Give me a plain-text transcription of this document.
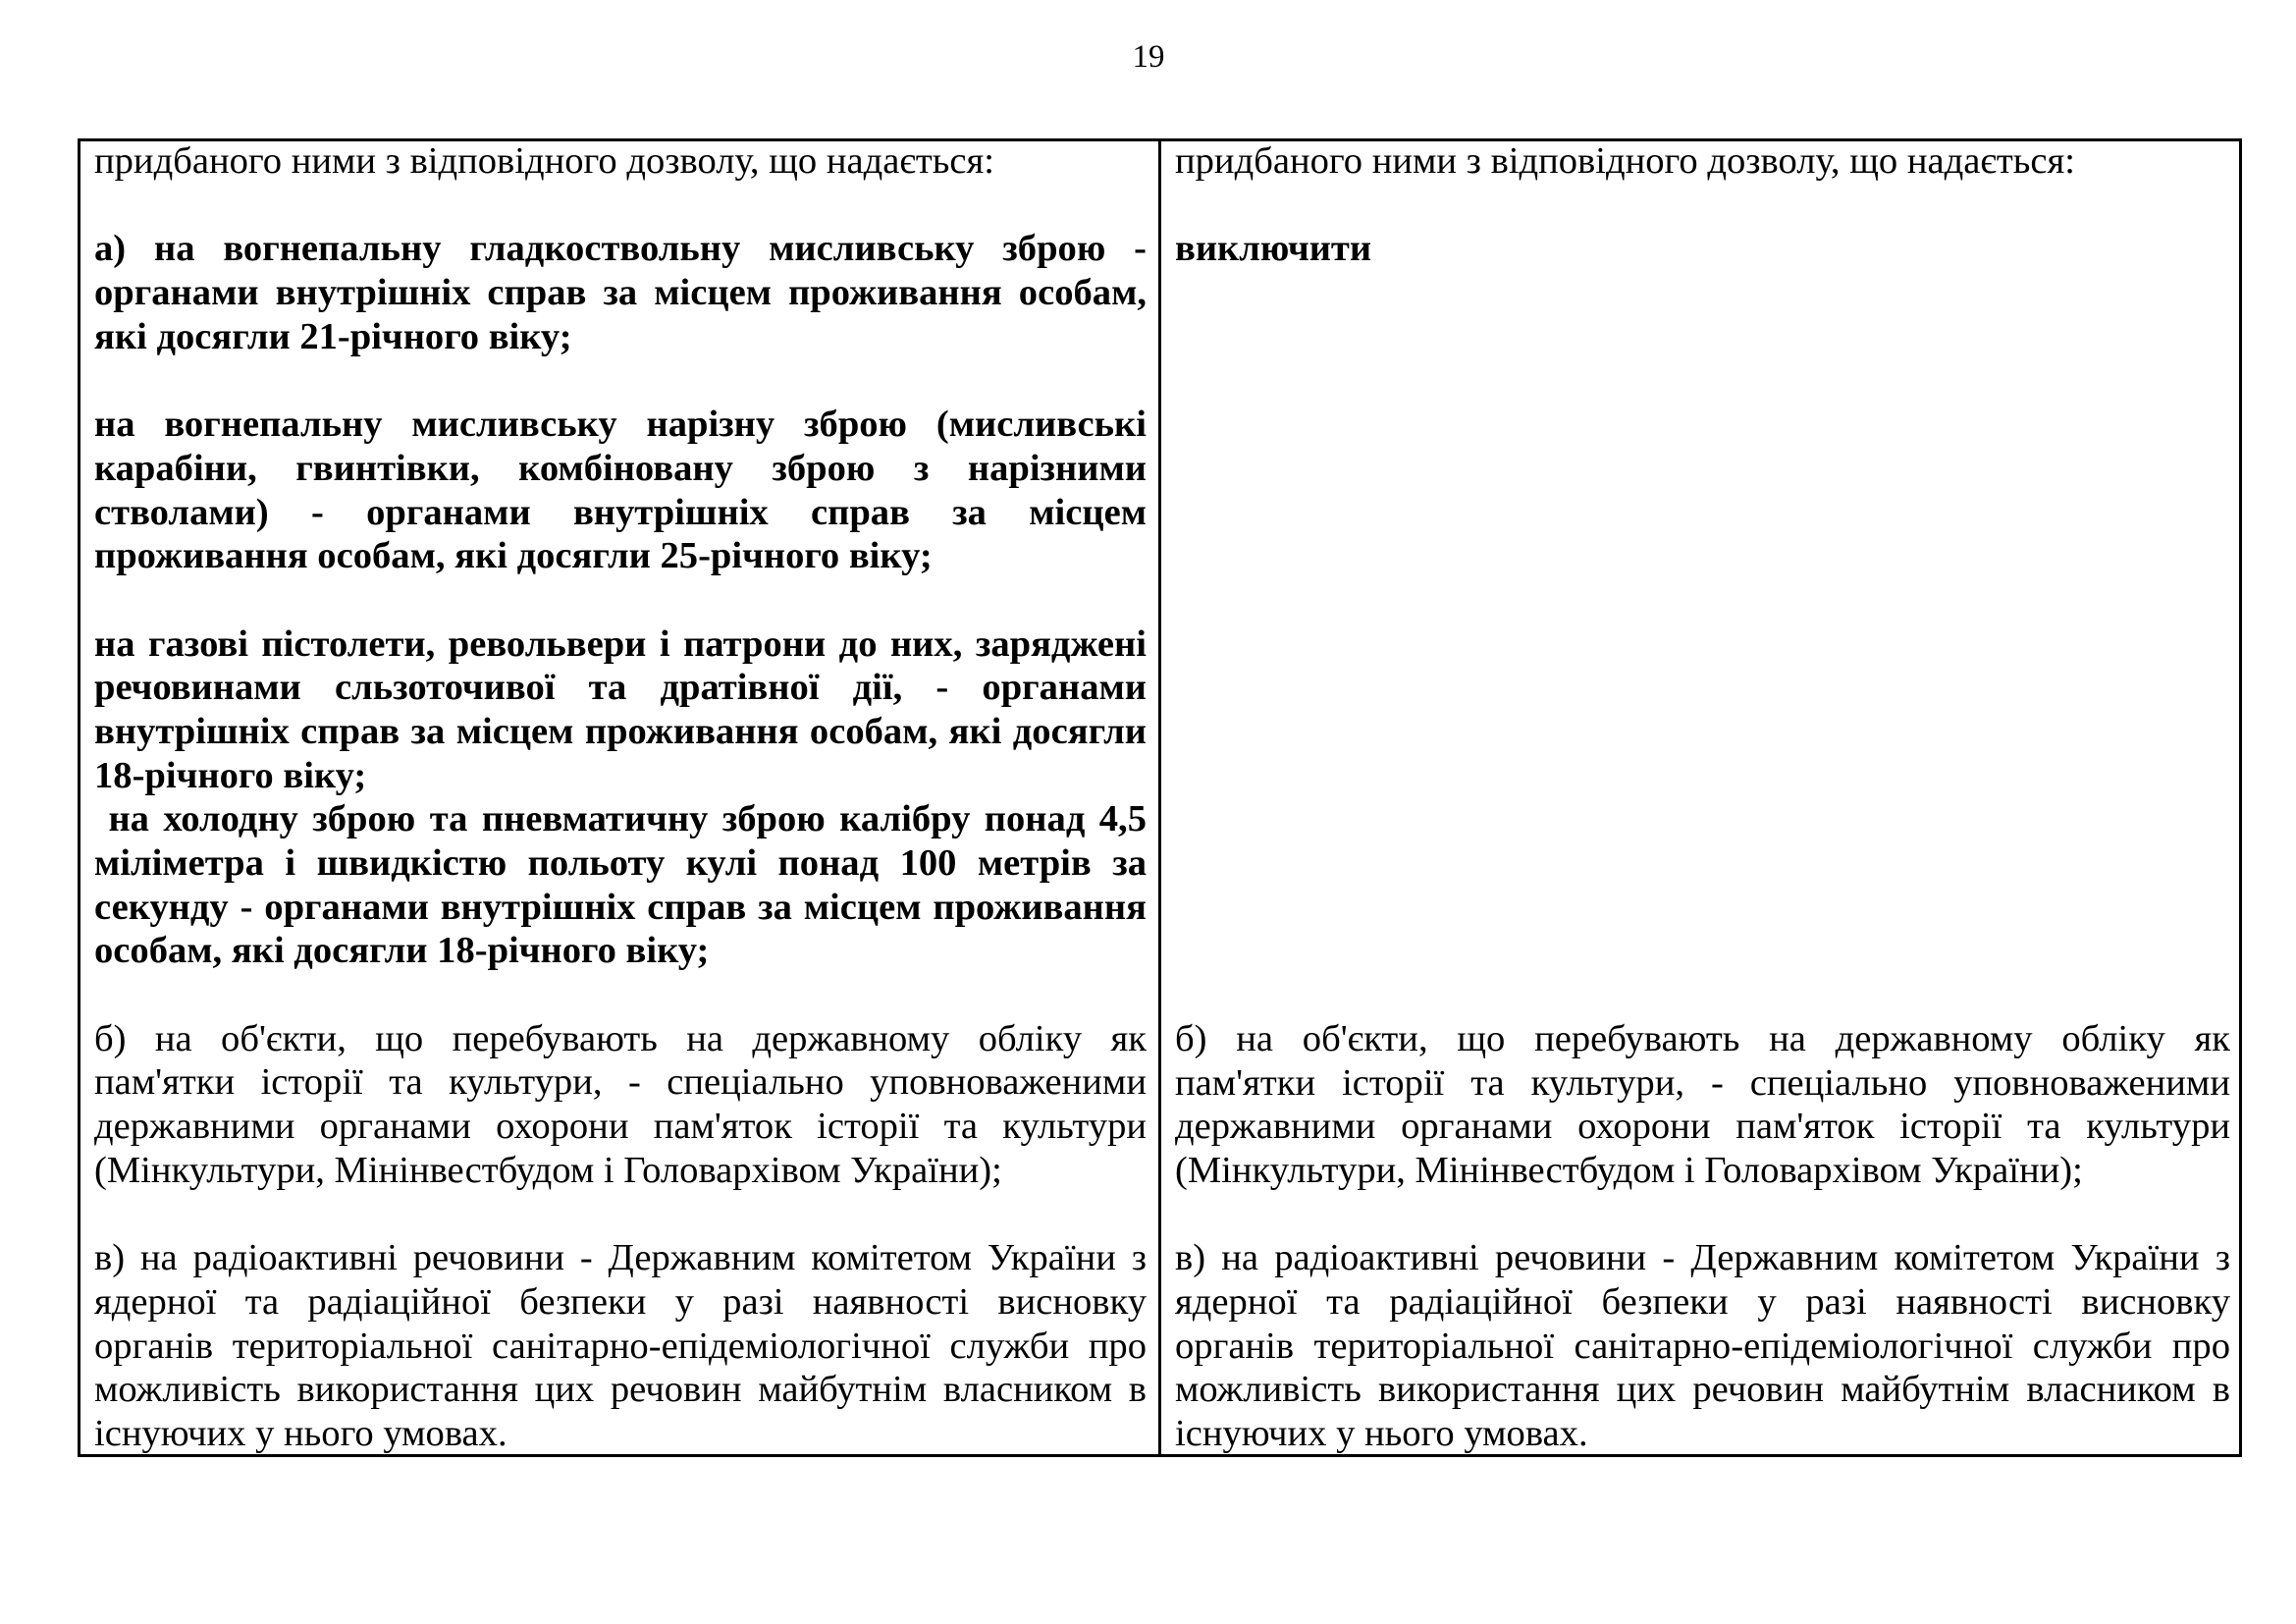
19
придбаного ними з відповідного дозволу, що надається:
а) на вогнепальну гладкоствольну мисливську зброю -
органами внутрішніх справ за місцем проживання особам,
які досягли 21-річного віку;
на вогнепальну мисливську нарізну зброю (мисливські
карабіни, гвинтівки, комбіновану зброю з нарізними
стволами) - органами внутрішніх справ за місцем
проживання особам, які досягли 25-річного віку;
на газові пістолети, револьвери і патрони до них, заряджені
речовинами сльзоточивої та дратівної дії, - органами
внутрішніх справ за місцем проживання особам, які досягли
18-річного віку;
на холодну зброю та пневматичну зброю калібру понад 4,5
міліметра і швидкістю польоту кулі понад 100 метрів за
секунду - органами внутрішніх справ за місцем проживання
особам, які досягли 18-річного віку;
б) на об'єкти, що перебувають на державному обліку як
пам'ятки історії та культури, - спеціально уповноваженими
державними органами охорони пам'яток історії та культури
(Мінкультури, Мінінвестбудом і Головархівом України);
в) на радіоактивні речовини - Державним комітетом України з
ядерної та радіаційної безпеки у разі наявності висновку
органів територіальної санітарно-епідеміологічної служби про
можливість використання цих речовин майбутнім власником в
існуючих у нього умовах.
придбаного ними з відповідного дозволу, що надається:
виключити
б) на об'єкти, що перебувають на державному обліку як
пам'ятки історії та культури, - спеціально уповноваженими
державними органами охорони пам'яток історії та культури
(Мінкультури, Мінінвестбудом і Головархівом України);
в) на радіоактивні речовини - Державним комітетом України з
ядерної та радіаційної безпеки у разі наявності висновку
органів територіальної санітарно-епідеміологічної служби про
можливість використання цих речовин майбутнім власником в
існуючих у нього умовах.
